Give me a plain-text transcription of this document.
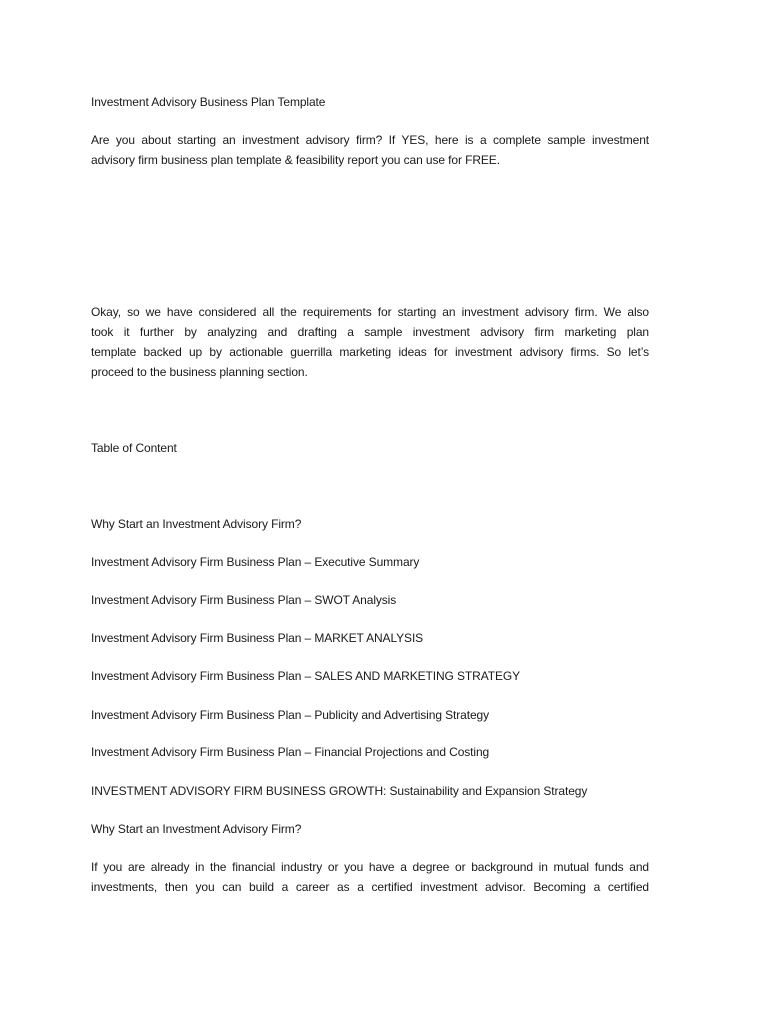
Investment Advisory Business Plan Template

Are you about starting an investment advisory firm? If YES, here is a complete sample investment
advisory firm business plan template & feasibility report you can use for FREE.
Okay, so we have considered all the requirements for starting an investment advisory firm. We also
took it further by analyzing and drafting a sample investment advisory firm marketing plan
template backed up by actionable guerrilla marketing ideas for investment advisory firms. So let’s
proceed to the business planning section.

Table of Content

Why Start an Investment Advisory Firm?

Investment Advisory Firm Business Plan – Executive Summary

Investment Advisory Firm Business Plan – SWOT Analysis

Investment Advisory Firm Business Plan – MARKET ANALYSIS

Investment Advisory Firm Business Plan – SALES AND MARKETING STRATEGY

Investment Advisory Firm Business Plan – Publicity and Advertising Strategy

Investment Advisory Firm Business Plan – Financial Projections and Costing

INVESTMENT ADVISORY FIRM BUSINESS GROWTH: Sustainability and Expansion Strategy

Why Start an Investment Advisory Firm?

If you are already in the financial industry or you have a degree or background in mutual funds and
investments, then you can build a career as a certified investment advisor. Becoming a certified
